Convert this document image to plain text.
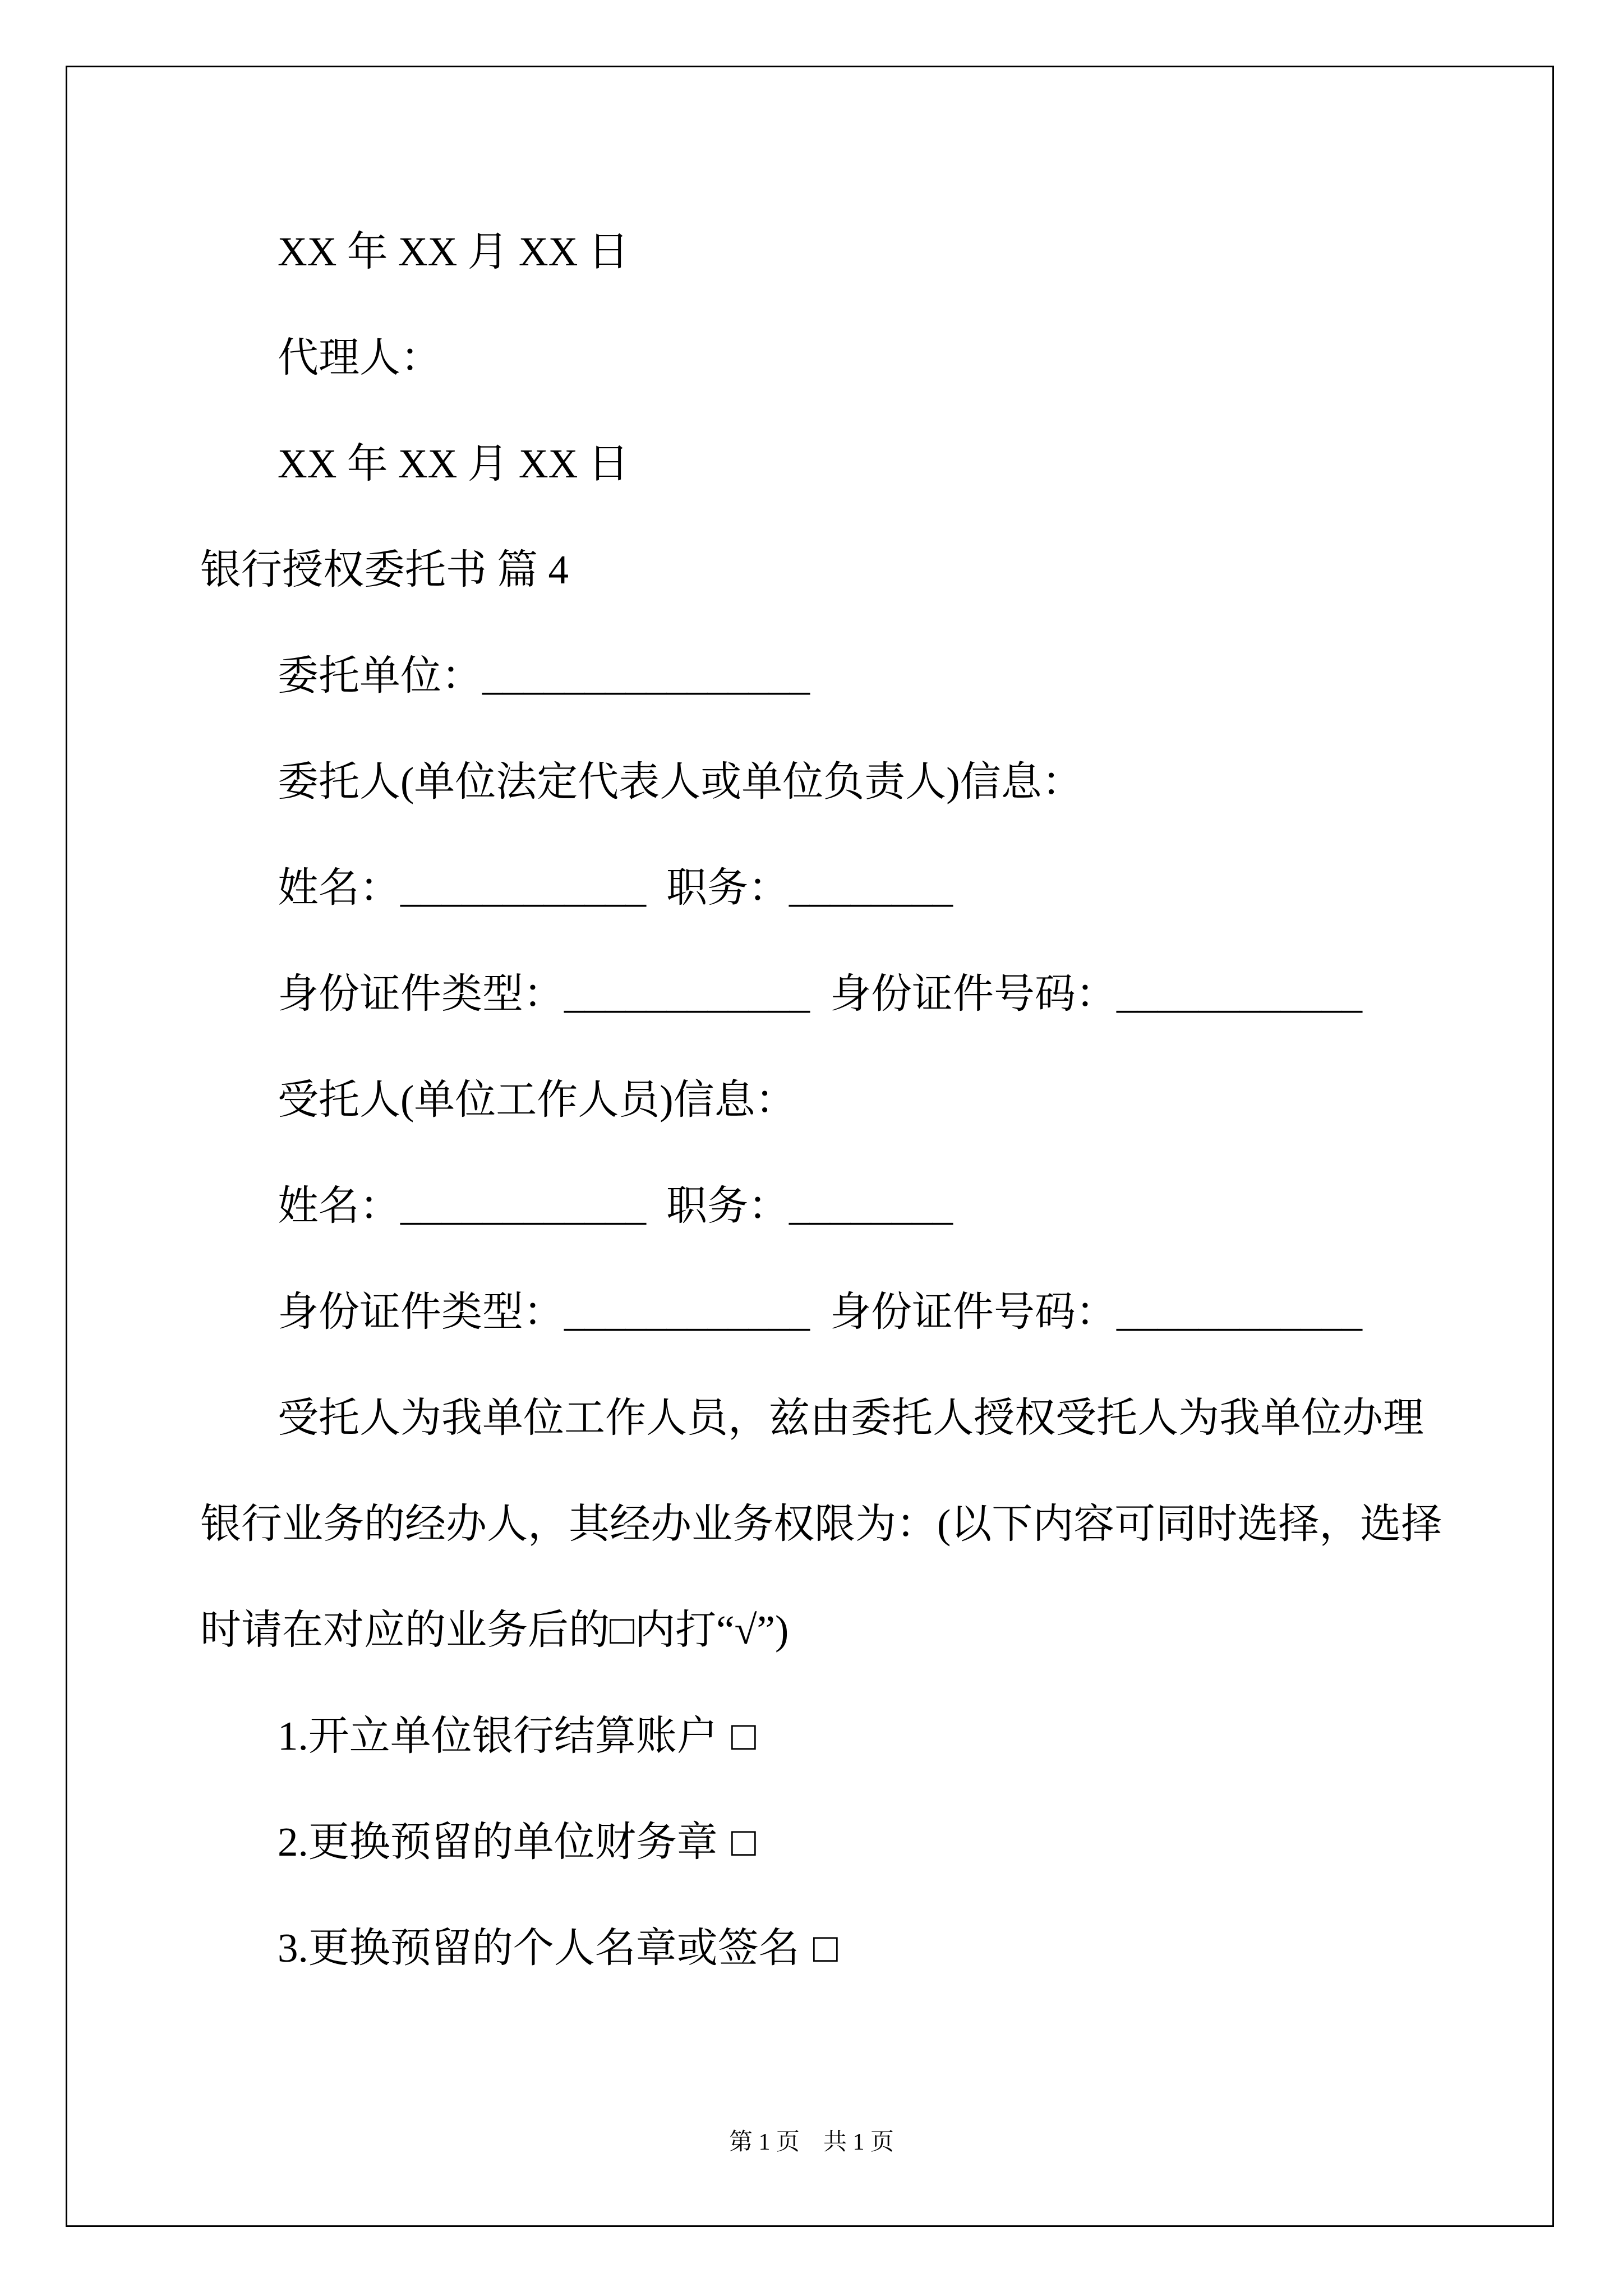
XX 年 XX 月 XX 日
代理人：
XX 年 XX 月 XX 日
银行授权委托书 篇 4
委托单位：________________
委托人(单位法定代表人或单位负责人)信息：
姓名：____________ 职务：________
身份证件类型：____________ 身份证件号码：____________
受托人(单位工作人员)信息：
姓名：____________ 职务：________
身份证件类型：____________ 身份证件号码：____________
受托人为我单位工作人员，兹由委托人授权受托人为我单位办理
银行业务的经办人，其经办业务权限为：(以下内容可同时选择，选择
时请在对应的业务后的□内打“√”)
1.开立单位银行结算账户 □
2.更换预留的单位财务章 □
3.更换预留的个人名章或签名 □
第 1 页　共 1 页
